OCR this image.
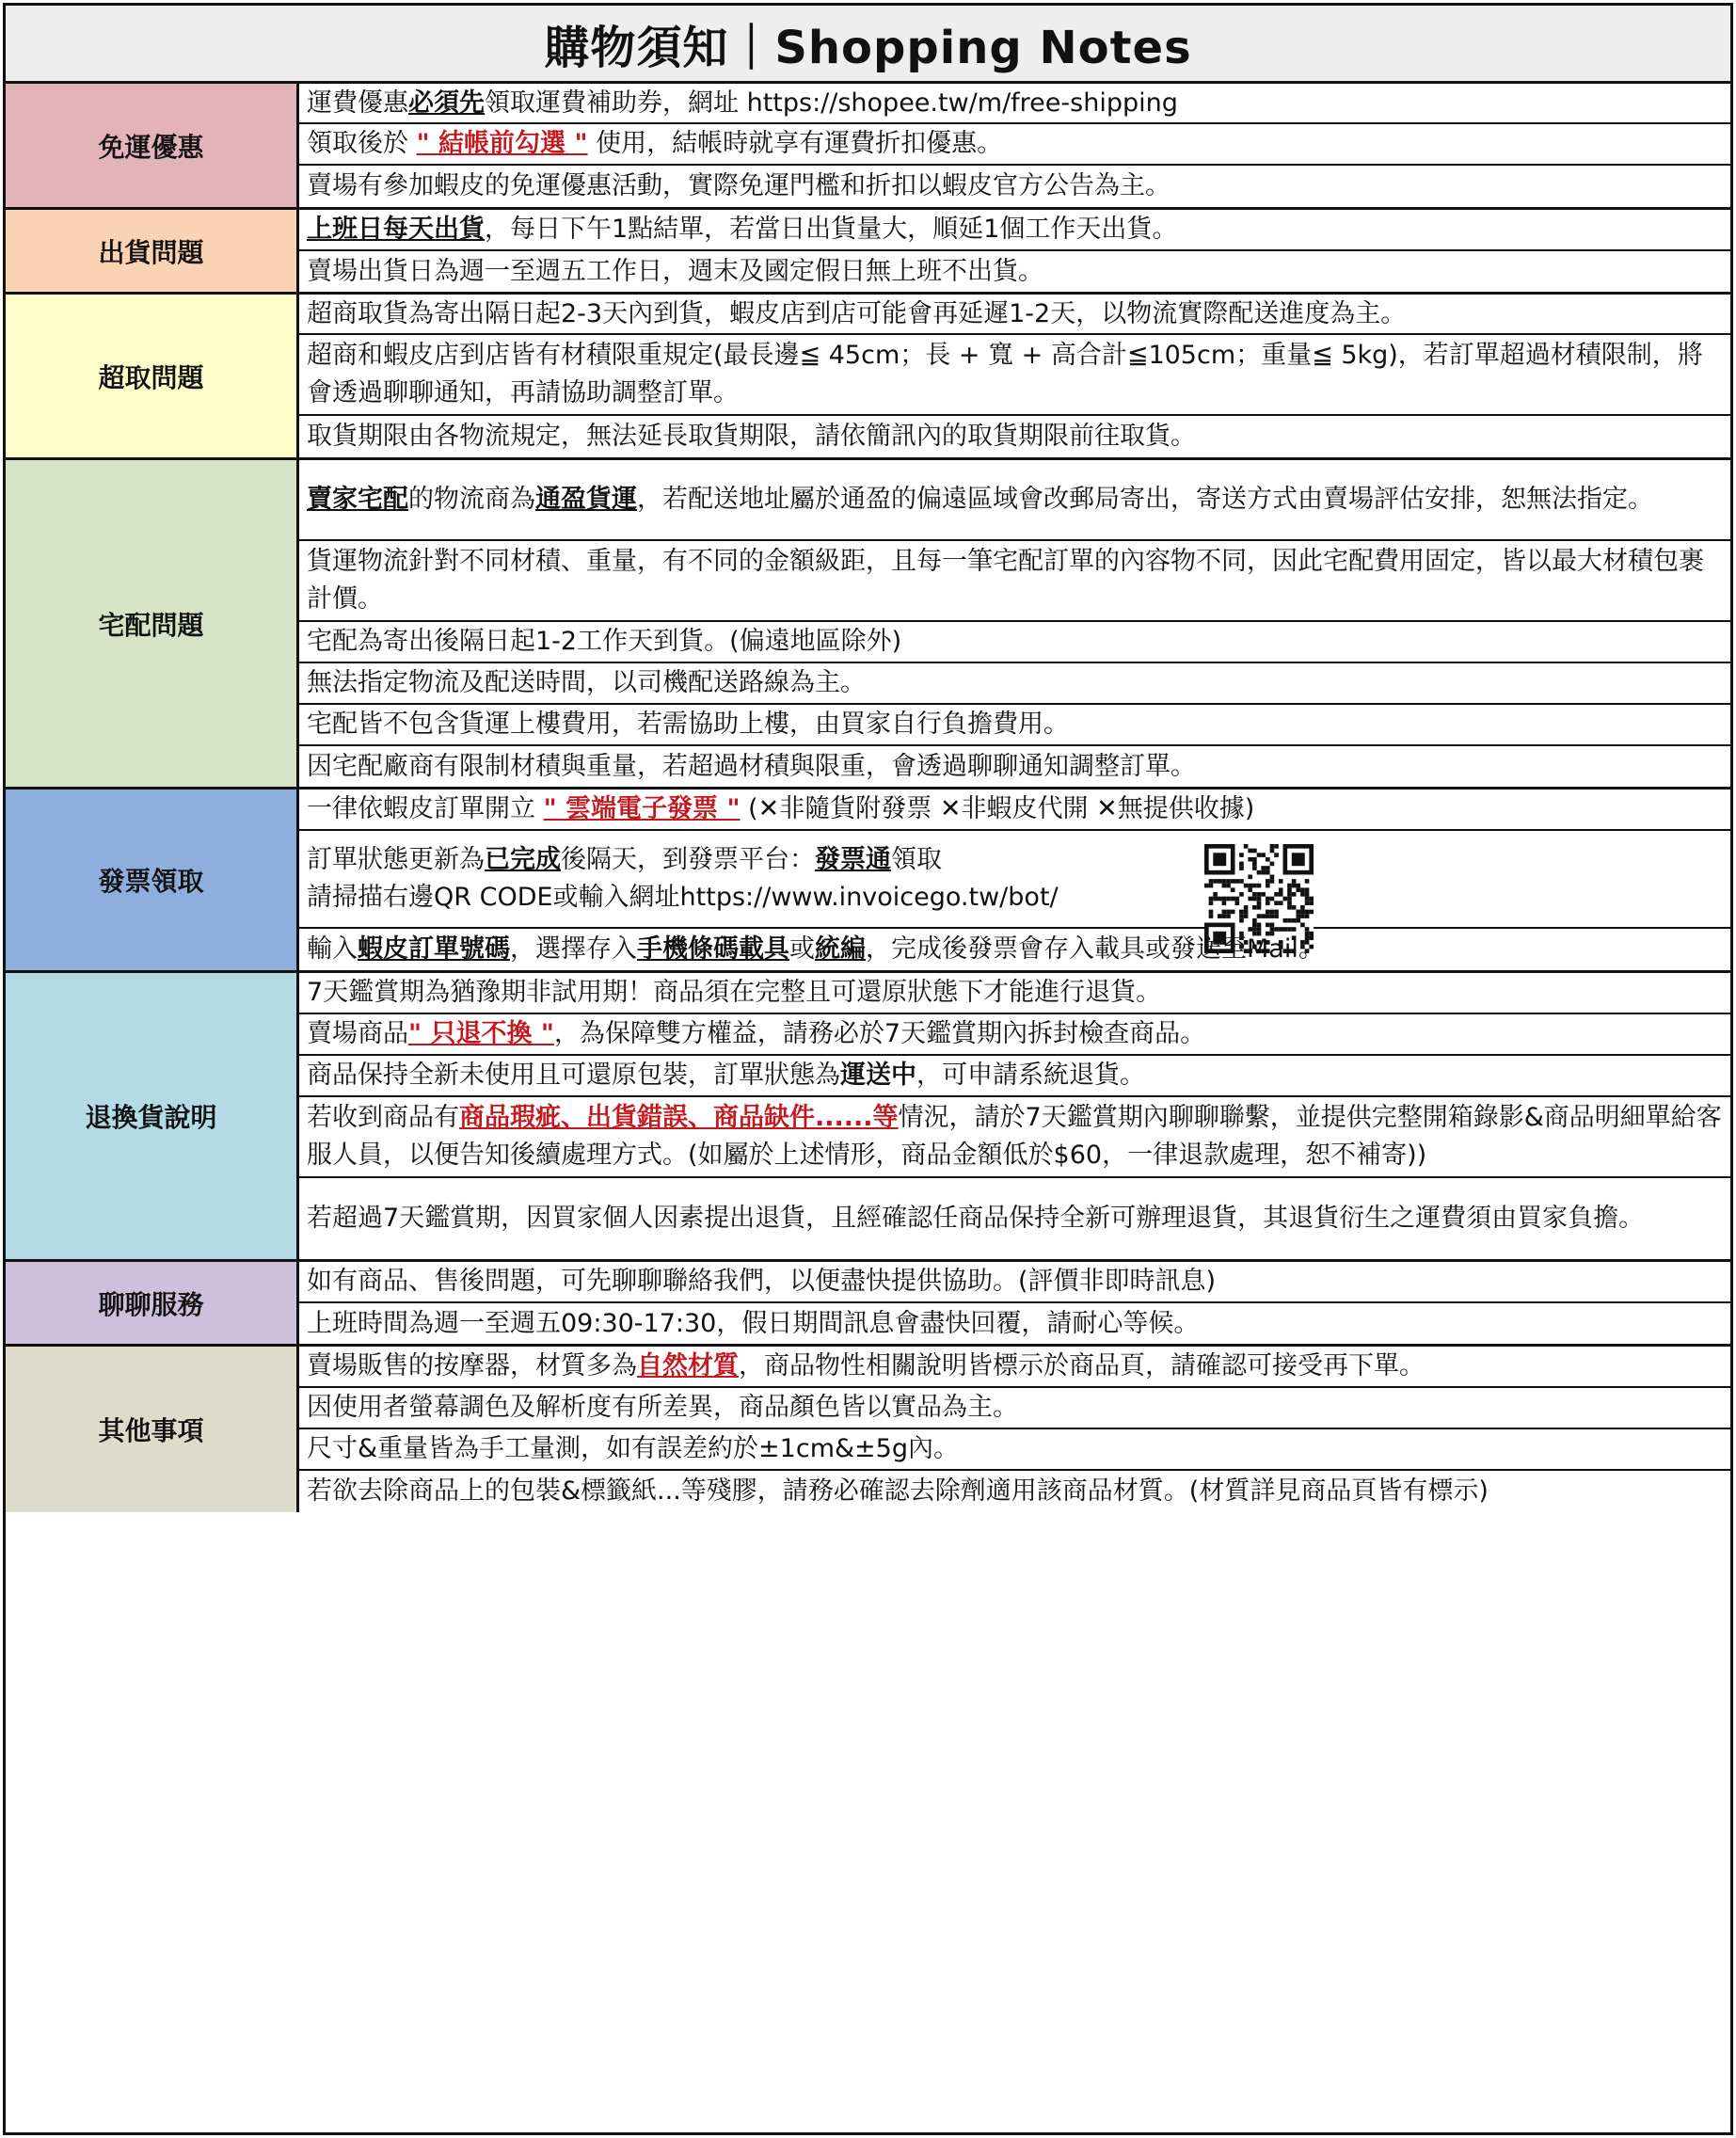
購物須知｜Shopping Notes
免運優惠
運費優惠必須先領取運費補助券，網址 https://shopee.tw/m/free-shipping
領取後於 " 結帳前勾選 " 使用，結帳時就享有運費折扣優惠。
賣場有參加蝦皮的免運優惠活動，實際免運門檻和折扣以蝦皮官方公告為主。
出貨問題
上班日每天出貨，每日下午1點結單，若當日出貨量大，順延1個工作天出貨。
賣場出貨日為週一至週五工作日，週末及國定假日無上班不出貨。
超取問題
超商取貨為寄出隔日起2-3天內到貨，蝦皮店到店可能會再延遲1-2天，以物流實際配送進度為主。
超商和蝦皮店到店皆有材積限重規定(最長邊≦ 45cm；長 + 寬 + 高合計≦105cm；重量≦ 5kg)，若訂單超過材積限制，將會透過聊聊通知，再請協助調整訂單。
取貨期限由各物流規定，無法延長取貨期限，請依簡訊內的取貨期限前往取貨。
宅配問題
賣家宅配的物流商為通盈貨運，若配送地址屬於通盈的偏遠區域會改郵局寄出，寄送方式由賣場評估安排，恕無法指定。
貨運物流針對不同材積、重量，有不同的金額級距，且每一筆宅配訂單的內容物不同，因此宅配費用固定，皆以最大材積包裹計價。
宅配為寄出後隔日起1-2工作天到貨。(偏遠地區除外)
無法指定物流及配送時間，以司機配送路線為主。
宅配皆不包含貨運上樓費用，若需協助上樓，由買家自行負擔費用。
因宅配廠商有限制材積與重量，若超過材積與限重，會透過聊聊通知調整訂單。
發票領取
一律依蝦皮訂單開立 " 雲端電子發票 " (✕非隨貨附發票 ✕非蝦皮代開 ✕無提供收據)
訂單狀態更新為已完成後隔天，到發票平台：發票通領取
請掃描右邊QR CODE或輸入網址https://www.invoicego.tw/bot/
輸入蝦皮訂單號碼，選擇存入手機條碼載具或統編，完成後發票會存入載具或發送至Mail。
退換貨說明
7天鑑賞期為猶豫期非試用期！商品須在完整且可還原狀態下才能進行退貨。
賣場商品" 只退不換 "，為保障雙方權益，請務必於7天鑑賞期內拆封檢查商品。
商品保持全新未使用且可還原包裝，訂單狀態為運送中，可申請系統退貨。
若收到商品有商品瑕疵、出貨錯誤、商品缺件......等情況，請於7天鑑賞期內聊聊聯繫，並提供完整開箱錄影&商品明細單給客服人員，以便告知後續處理方式。(如屬於上述情形，商品金額低於$60，一律退款處理，恕不補寄))
若超過7天鑑賞期，因買家個人因素提出退貨，且經確認任商品保持全新可辦理退貨，其退貨衍生之運費須由買家負擔。
聊聊服務
如有商品、售後問題，可先聊聊聯絡我們，以便盡快提供協助。(評價非即時訊息)
上班時間為週一至週五09:30-17:30，假日期間訊息會盡快回覆，請耐心等候。
其他事項
賣場販售的按摩器，材質多為自然材質，商品物性相關說明皆標示於商品頁，請確認可接受再下單。
因使用者螢幕調色及解析度有所差異，商品顏色皆以實品為主。
尺寸&重量皆為手工量測，如有誤差約於±1cm&±5g內。
若欲去除商品上的包裝&標籤紙...等殘膠，請務必確認去除劑適用該商品材質。(材質詳見商品頁皆有標示)
